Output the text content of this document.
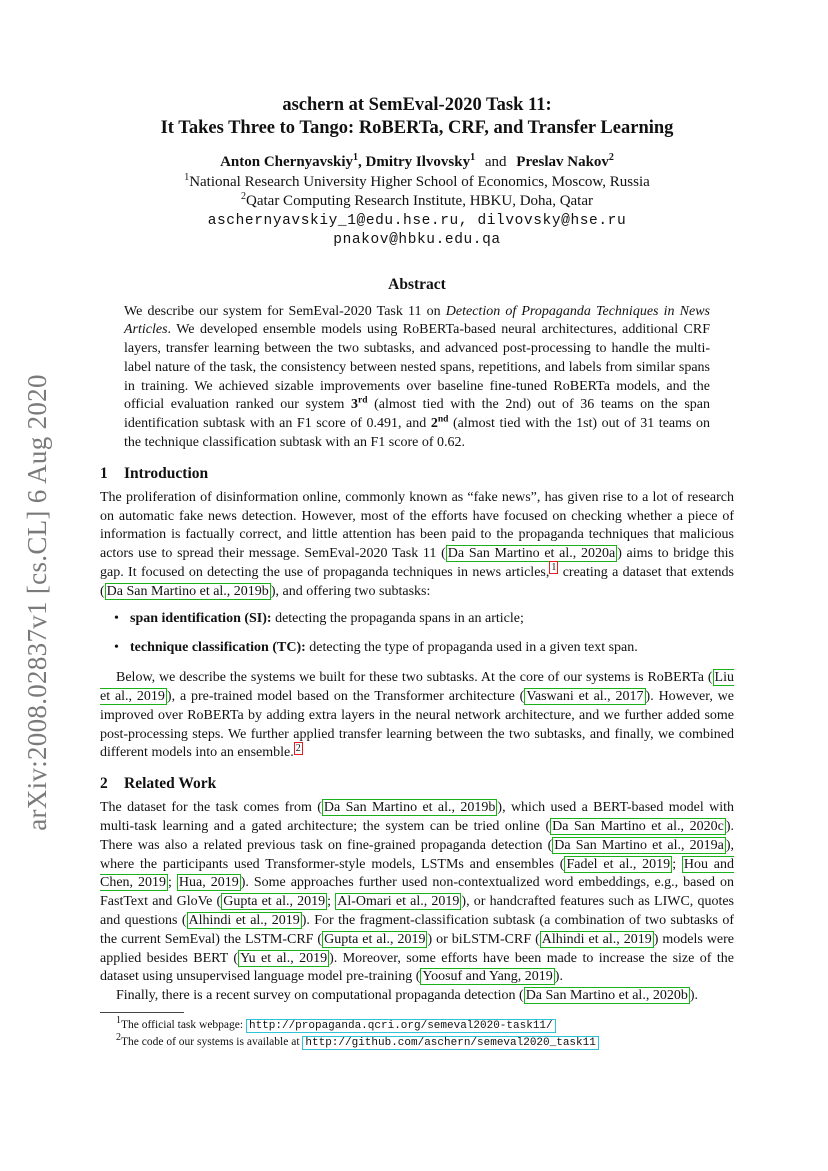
arXiv:2008.02837v1 [cs.CL] 6 Aug 2020
aschern at SemEval-2020 Task 11:
It Takes Three to Tango: RoBERTa, CRF, and Transfer Learning
Anton Chernyavskiy$^1$, Dmitry Ilvovsky$^1$ and Preslav Nakov$^2$
$^1$National Research University Higher School of Economics, Moscow, Russia
$^2$Qatar Computing Research Institute, HBKU, Doha, Qatar
aschernyavskiy_1@edu.hse.ru, dilvovsky@hse.ru
pnakov@hbku.edu.qa
Abstract
We describe our system for SemEval-2020 Task 11 on Detection of Propaganda Techniques in News Articles. We developed ensemble models using RoBERTa-based neural architectures, additional CRF layers, transfer learning between the two subtasks, and advanced post-processing to handle the multi-label nature of the task, the consistency between nested spans, repetitions, and labels from similar spans in training. We achieved sizable improvements over baseline fine-tuned RoBERTa models, and the official evaluation ranked our system 3rd (almost tied with the 2nd) out of 36 teams on the span identification subtask with an F1 score of 0.491, and 2nd (almost tied with the 1st) out of 31 teams on the technique classification subtask with an F1 score of 0.62.
1 Introduction

The proliferation of disinformation online, commonly known as “fake news”, has given rise to a lot of research on automatic fake news detection. However, most of the efforts have focused on checking whether a piece of information is factually correct, and little attention has been paid to the propaganda techniques that malicious actors use to spread their message. SemEval-2020 Task 11 ( Da San Martino et al., 2020a ) aims to bridge this gap. It focused on detecting the use of propaganda techniques in news articles, $^1$ creating a dataset that extends ( Da San Martino et al., 2019b ), and offering two subtasks:

• span identification (SI): detecting the propaganda spans in an article;
• technique classification (TC): detecting the type of propaganda used in a given text span.

Below, we describe the systems we built for these two subtasks. At the core of our systems is RoBERTa ( Liu et al., 2019 ), a pre-trained model based on the Transformer architecture ( Vaswani et al., 2017 ). However, we improved over RoBERTa by adding extra layers in the neural network architecture, and we further added some post-processing steps. We further applied transfer learning between the two subtasks, and finally, we combined different models into an ensemble. $^2$

2 Related Work

The dataset for the task comes from ( Da San Martino et al., 2019b ), which used a BERT-based model with multi-task learning and a gated architecture; the system can be tried online ( Da San Martino et al., 2020c ). There was also a related previous task on fine-grained propaganda detection ( Da San Martino et al., 2019a ), where the participants used Transformer-style models, LSTMs and ensembles ( Fadel et al., 2019 ; Hou and Chen, 2019 ; Hua, 2019 ). Some approaches further used non-contextualized word embeddings, e.g., based on FastText and GloVe ( Gupta et al., 2019 ; Al-Omari et al., 2019 ), or handcrafted features such as LIWC, quotes and questions ( Alhindi et al., 2019 ). For the fragment-classification subtask (a combination of two subtasks of the current SemEval) the LSTM-CRF ( Gupta et al., 2019 ) or biLSTM-CRF ( Alhindi et al., 2019 ) models were applied besides BERT ( Yu et al., 2019 ). Moreover, some efforts have been made to increase the size of the dataset using unsupervised language model pre-training ( Yoosuf and Yang, 2019 ).

Finally, there is a recent survey on computational propaganda detection ( Da San Martino et al., 2020b ).

$^1$The official task webpage: http://propaganda.qcri.org/semeval2020-task11/
$^2$The code of our systems is available at http://github.com/aschern/semeval2020_task11
